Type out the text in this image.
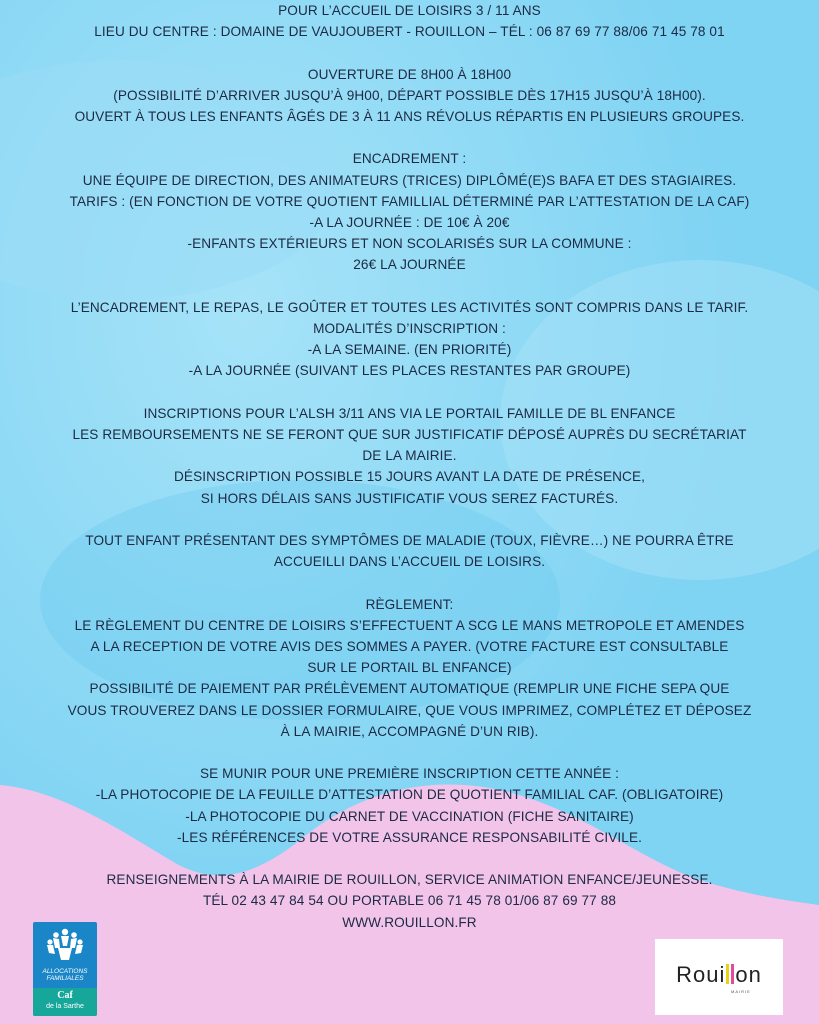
POUR L’ACCUEIL DE LOISIRS 3 / 11 ANS
LIEU DU CENTRE : DOMAINE DE VAUJOUBERT - ROUILLON – TÉL : 06 87 69 77 88/06 71 45 78 01
OUVERTURE DE 8H00 À 18H00
(POSSIBILITÉ D’ARRIVER JUSQU’À 9H00, DÉPART POSSIBLE DÈS 17H15 JUSQU’À 18H00).
OUVERT À TOUS LES ENFANTS ÂGÉS DE 3 À 11 ANS RÉVOLUS RÉPARTIS EN PLUSIEURS GROUPES.
ENCADREMENT :
UNE ÉQUIPE DE DIRECTION, DES ANIMATEURS (TRICES) DIPLÔMÉ(E)S BAFA ET DES STAGIAIRES.
TARIFS : (EN FONCTION DE VOTRE QUOTIENT FAMILLIAL DÉTERMINÉ PAR L’ATTESTATION DE LA CAF)
-A LA JOURNÉE : DE 10€ À 20€
-ENFANTS EXTÉRIEURS ET NON SCOLARISÉS SUR LA COMMUNE :
26€ LA JOURNÉE
L’ENCADREMENT, LE REPAS, LE GOÛTER ET TOUTES LES ACTIVITÉS SONT COMPRIS DANS LE TARIF.
MODALITÉS D’INSCRIPTION :
-A LA SEMAINE. (EN PRIORITÉ)
-A LA JOURNÉE (SUIVANT LES PLACES RESTANTES PAR GROUPE)
INSCRIPTIONS POUR L’ALSH 3/11 ANS VIA LE PORTAIL FAMILLE DE BL ENFANCE
LES REMBOURSEMENTS NE SE FERONT QUE SUR JUSTIFICATIF DÉPOSÉ AUPRÈS DU SECRÉTARIAT
DE LA MAIRIE.
DÉSINSCRIPTION POSSIBLE 15 JOURS AVANT LA DATE DE PRÉSENCE,
SI HORS DÉLAIS SANS JUSTIFICATIF VOUS SEREZ FACTURÉS.
TOUT ENFANT PRÉSENTANT DES SYMPTÔMES DE MALADIE (TOUX, FIÈVRE…) NE POURRA ÊTRE
ACCUEILLI DANS L’ACCUEIL DE LOISIRS.
RÈGLEMENT:
LE RÈGLEMENT DU CENTRE DE LOISIRS S’EFFECTUENT A SCG LE MANS METROPOLE ET AMENDES
A LA RECEPTION DE VOTRE AVIS DES SOMMES A PAYER. (VOTRE FACTURE EST CONSULTABLE
SUR LE PORTAIL BL ENFANCE)
POSSIBILITÉ DE PAIEMENT PAR PRÉLÈVEMENT AUTOMATIQUE (REMPLIR UNE FICHE SEPA QUE
VOUS TROUVEREZ DANS LE DOSSIER FORMULAIRE, QUE VOUS IMPRIMEZ, COMPLÉTEZ ET DÉPOSEZ
À LA MAIRIE, ACCOMPAGNÉ D’UN RIB).
SE MUNIR POUR UNE PREMIÈRE INSCRIPTION CETTE ANNÉE :
-LA PHOTOCOPIE DE LA FEUILLE D’ATTESTATION DE QUOTIENT FAMILIAL CAF. (OBLIGATOIRE)
-LA PHOTOCOPIE DU CARNET DE VACCINATION (FICHE SANITAIRE)
-LES RÉFÉRENCES DE VOTRE ASSURANCE RESPONSABILITÉ CIVILE.
RENSEIGNEMENTS À LA MAIRIE DE ROUILLON, SERVICE ANIMATION ENFANCE/JEUNESSE.
TÉL 02 43 47 84 54 OU PORTABLE 06 71 45 78 01/06 87 69 77 88
WWW.ROUILLON.FR
ALLOCATIONS
FAMILIALES
Caf
de la Sarthe
Roui on
MAIRIE
